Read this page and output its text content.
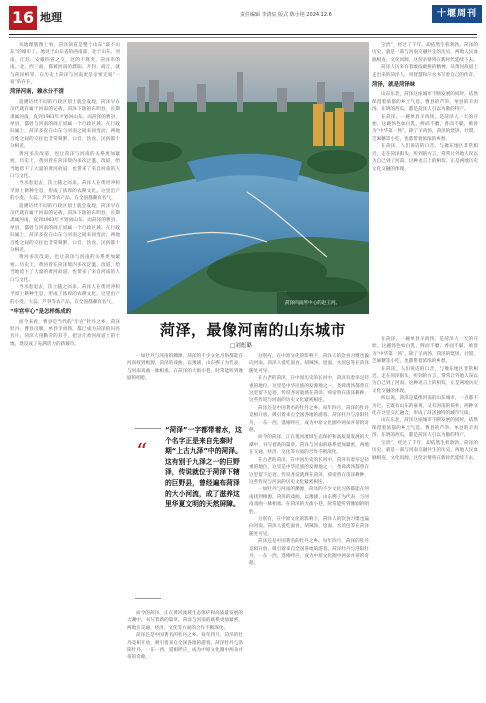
16 地理	责任编辑 李清辰 版式 陈小艳 2024.12.6	十堰周刊

从地理版图上看，菏泽简直是整个山东“最不山东”的城市了。地处于山东省的西南部，北于山东、河南、江苏、安徽四省之交，这的不算突，菏泽市的南、北、西三面，都被河南的濮阳、开封、商丘，就与菏泽相邻，在历史上菏泽与河南更是亲密无间“一家”的存在。

菏泽河南，赖水分不清

追溯历代不同的行政区划上就会发现，菏泽早在汉代就有属于河南的记载。菏泽下辖的东明县，长期隶属河南，直到1963年才划回山东。而菏泽的曹县、单县，都曾与河南的商丘同属一个行政区域。在行政归属上，菏泽多次在山东与河南之间来回变动，两地百姓之间的交往也非常频繁，口音、饮食、民俗都十分相近。

黄河多次改道，也让菏泽与河南的关系更加紧密。历史上，黄河曾在菏泽境内多次泛滥、改道，给当地留下了大量的黄河故道，也带来了来自河南的人口与文化。

当水患退去，沃土随之而来。菏泽人在黄河冲积平原上耕种生息，形成了浓厚的农耕文化。这里出产的小麦、大蒜、芦笋等农产品，在全国都颇有名气。

追溯历代不同的行政区划上就会发现，菏泽早在汉代就有属于河南的记载。菏泽下辖的东明县，长期隶属河南，直到1963年才划回山东。而菏泽的曹县、单县，都曾与河南的商丘同属一个行政区域。在行政归属上，菏泽多次在山东与河南之间来回变动，两地百姓之间的交往也非常频繁，口音、饮食、民俗都十分相近。

黄河多次改道，也让菏泽与河南的关系更加紧密。历史上，黄河曾在菏泽境内多次泛滥、改道，给当地留下了大量的黄河故道，也带来了来自河南的人口与文化。

当水患退去，沃土随之而来。菏泽人在黄河冲积平原上耕种生息，形成了浓厚的农耕文化。这里出产的小麦、大蒜、芦笋等农产品，在全国都颇有名气。

“牢宫牢心”是怎样炼成的

而今来看，曹县是当代的“牢宫”牡丹之乡，菏泽牡丹、曹县汉服、单县羊肉汤，都已成为菏泽的闪亮名片。菏泽人用勤劳的双手，把这片黄河故道上的土地，建设成了充满活力的新城市。

菏泽四雨所中心的赵王河。
菏泽，最像河南的山东城市
□刘彪璐

一如牡丹与河南的渊源，菏泽的不少文化习俗都能在河南找到根源。菏泽的戏曲，以豫剧、山东梆子为代表，与河南戏曲一脉相承。在菏泽的大街小巷，时常能听到豫剧的唱腔。

“
“菏泽”一字都带着水，这个名字正是来自先秦时期“上古九泽”中的菏泽。这有别于九泽之一的巨野泽，传说就位于菏泽下辖的巨野县，曾经遍布菏泽的大小河流，成了滋养这里华夏文明的天然屏障。

而今的菏泽，正在黄河流域生态保护和高质量发展的大潮中，书写着新的篇章。菏泽与河南的联系更加紧密，两地在交通、经济、文化等方面的合作不断深化。

菏泽还是中国著名的牡丹之乡。每年四月，菏泽的牡丹竞相开放，吸引着来自全国各地的游客。菏泽牡丹与洛阳牡丹，一东一西，遥相呼应，成为中原文化圈中两朵并蒂的奇葩。

分别有，在中原文化的影响下，菏泽人的饮食习惯也偏向河南。菏泽人爱吃面食，胡辣汤、烩面、水煎包等在菏泽随处可见。

在古老的菏泽，在中国历史的长河中，菏泽有着举足轻重的地位。这里是中华民族的发源地之一，尧舜禹汤都曾在这里留下足迹。传说尧帝就葬在菏泽，舜帝曾在雷泽耕种，这些传说与河南的历史文化紧密相连。

菏泽还是中国著名的牡丹之乡。每年四月，菏泽的牡丹竞相开放，吸引着来自全国各地的游客。菏泽牡丹与洛阳牡丹，一东一西，遥相呼应，成为中原文化圈中两朵并蒂的奇葩。

而今的菏泽，正在黄河流域生态保护和高质量发展的大潮中，书写着新的篇章。菏泽与河南的联系更加紧密，两地在交通、经济、文化等方面的合作不断深化。

在古老的菏泽，在中国历史的长河中，菏泽有着举足轻重的地位。这里是中华民族的发源地之一，尧舜禹汤都曾在这里留下足迹。传说尧帝就葬在菏泽，舜帝曾在雷泽耕种，这些传说与河南的历史文化紧密相连。

一如牡丹与河南的渊源，菏泽的不少文化习俗都能在河南找到根源。菏泽的戏曲，以豫剧、山东梆子为代表，与河南戏曲一脉相承。在菏泽的大街小巷，时常能听到豫剧的唱腔。

分别有，在中原文化的影响下，菏泽人的饮食习惯也偏向河南。菏泽人爱吃面食，胡辣汤、烩面、水煎包等在菏泽随处可见。

菏泽还是中国著名的牡丹之乡。每年四月，菏泽的牡丹竞相开放，吸引着来自全国各地的游客。菏泽牡丹与洛阳牡丹，一东一西，遥相呼应，成为中原文化圈中两朵并蒂的奇葩。

宝贵”，经过了千年，却依然生机勃勃。菏泽的历史，就是一部与河南交融共生的历史。两地人民血脉相连，文化同源，这份亲情将在新时代延续下去。

菏泽人历来有着敢闯敢拼的精神，从黄河故道上走出来的菏泽人，用智慧和汗水书写着自己的传奇。

菏泽，就是菏泽味

山东东北，菏泽这座城市不断发展的同时，依然保留着浓郁的乡土气息。曹县的芦笋、单县的羊肉汤、东明的西瓜，都是菏泽人引以为傲的特产。

在菏泽，一碗单县羊肉汤，是菏泽人一天的开始。这碗汤色如白乳、鲜而不膻、香而不腻，被誉为“中华第一汤”。除了羊肉汤，菏泽的烧饼、壮馍、芝麻糖等小吃，也都带着浓浓的乡愁。

在菏泽，人们说话的口音，与豫东地区非常相近。走在菏泽街头，听到的方言，常常让外地人误以为自己到了河南。这种语言上的相似，正是两地历史文化交融的体现。

在菏泽，一碗单县羊肉汤，是菏泽人一天的开始。这碗汤色如白乳、鲜而不膻、香而不腻，被誉为“中华第一汤”。除了羊肉汤，菏泽的烧饼、壮馍、芝麻糖等小吃，也都带着浓浓的乡愁。

在菏泽，人们说话的口音，与豫东地区非常相近。走在菏泽街头，听到的方言，常常让外地人误以为自己到了河南。这种语言上的相似，正是两地历史文化交融的体现。

所以说，菏泽是最像河南的山东城市，一点都不为过。它既有山东的豪爽，又有河南的质朴，两种文化在这里交汇融合，形成了菏泽独特的城市气质。

山东东北，菏泽这座城市不断发展的同时，依然保留着浓郁的乡土气息。曹县的芦笋、单县的羊肉汤、东明的西瓜，都是菏泽人引以为傲的特产。

宝贵”，经过了千年，却依然生机勃勃。菏泽的历史，就是一部与河南交融共生的历史。两地人民血脉相连，文化同源，这份亲情将在新时代延续下去。
